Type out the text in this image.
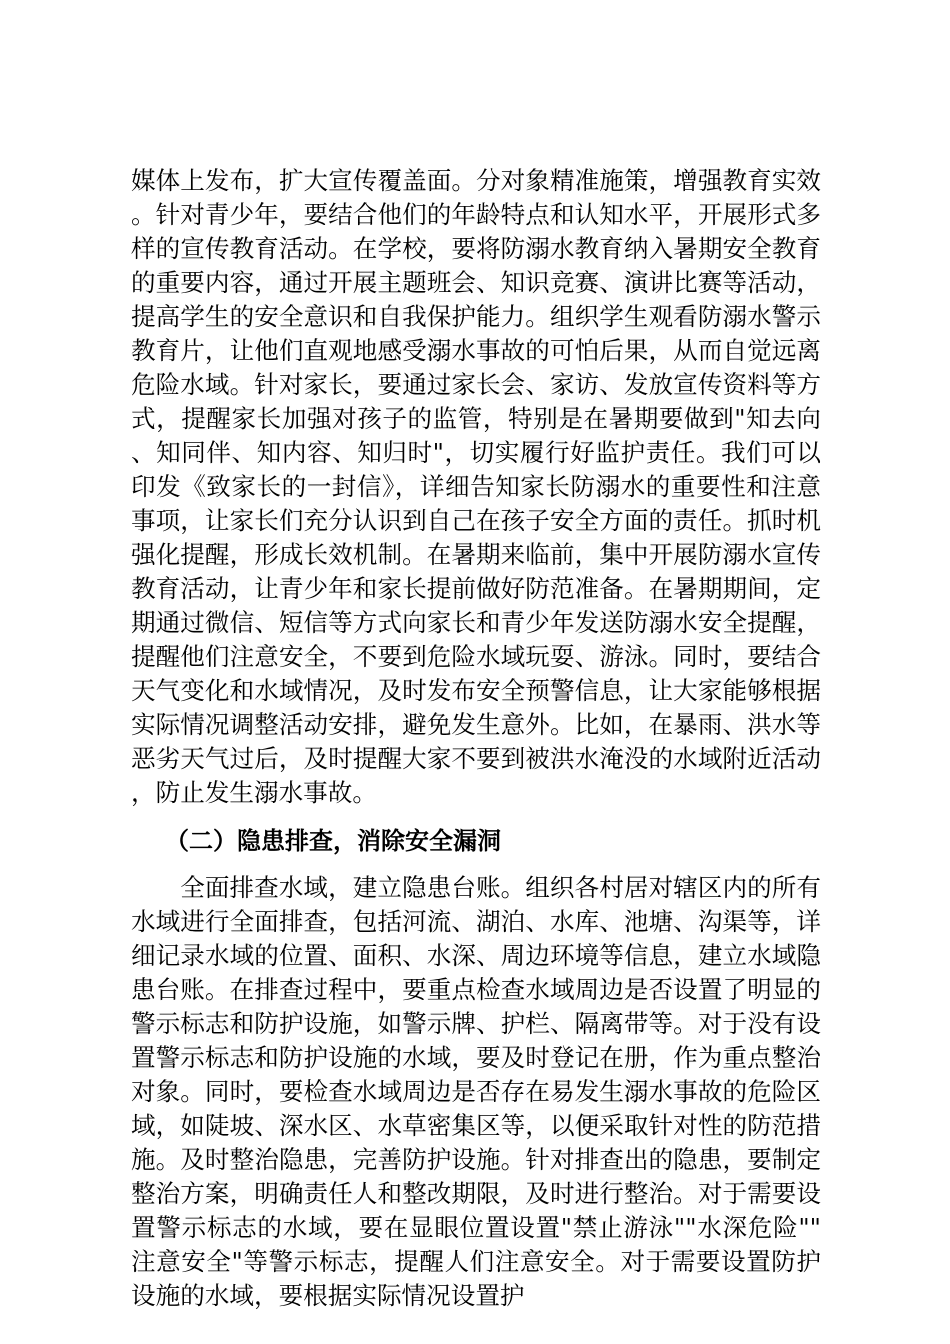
媒体上发布，扩大宣传覆盖面。分对象精准施策，增强教育实效。针对青少年，要结合他们的年龄特点和认知水平，开展形式多样的宣传教育活动。在学校，要将防溺水教育纳入暑期安全教育的重要内容，通过开展主题班会、知识竞赛、演讲比赛等活动，提高学生的安全意识和自我保护能力。组织学生观看防溺水警示教育片，让他们直观地感受溺水事故的可怕后果，从而自觉远离危险水域。针对家长，要通过家长会、家访、发放宣传资料等方式，提醒家长加强对孩子的监管，特别是在暑期要做到"知去向、知同伴、知内容、知归时"，切实履行好监护责任。我们可以印发《致家长的一封信》，详细告知家长防溺水的重要性和注意事项，让家长们充分认识到自己在孩子安全方面的责任。抓时机强化提醒，形成长效机制。在暑期来临前，集中开展防溺水宣传教育活动，让青少年和家长提前做好防范准备。在暑期期间，定期通过微信、短信等方式向家长和青少年发送防溺水安全提醒，提醒他们注意安全，不要到危险水域玩耍、游泳。同时，要结合天气变化和水域情况，及时发布安全预警信息，让大家能够根据实际情况调整活动安排，避免发生意外。比如，在暴雨、洪水等恶劣天气过后，及时提醒大家不要到被洪水淹没的水域附近活动，防止发生溺水事故。

（二）隐患排查，消除安全漏洞

全面排查水域，建立隐患台账。组织各村居对辖区内的所有水域进行全面排查，包括河流、湖泊、水库、池塘、沟渠等，详细记录水域的位置、面积、水深、周边环境等信息，建立水域隐患台账。在排查过程中，要重点检查水域周边是否设置了明显的警示标志和防护设施，如警示牌、护栏、隔离带等。对于没有设置警示标志和防护设施的水域，要及时登记在册，作为重点整治对象。同时，要检查水域周边是否存在易发生溺水事故的危险区域，如陡坡、深水区、水草密集区等，以便采取针对性的防范措施。及时整治隐患，完善防护设施。针对排查出的隐患，要制定整治方案，明确责任人和整改期限，及时进行整治。对于需要设置警示标志的水域，要在显眼位置设置"禁止游泳""水深危险""注意安全"等警示标志，提醒人们注意安全。对于需要设置防护设施的水域，要根据实际情况设置护
